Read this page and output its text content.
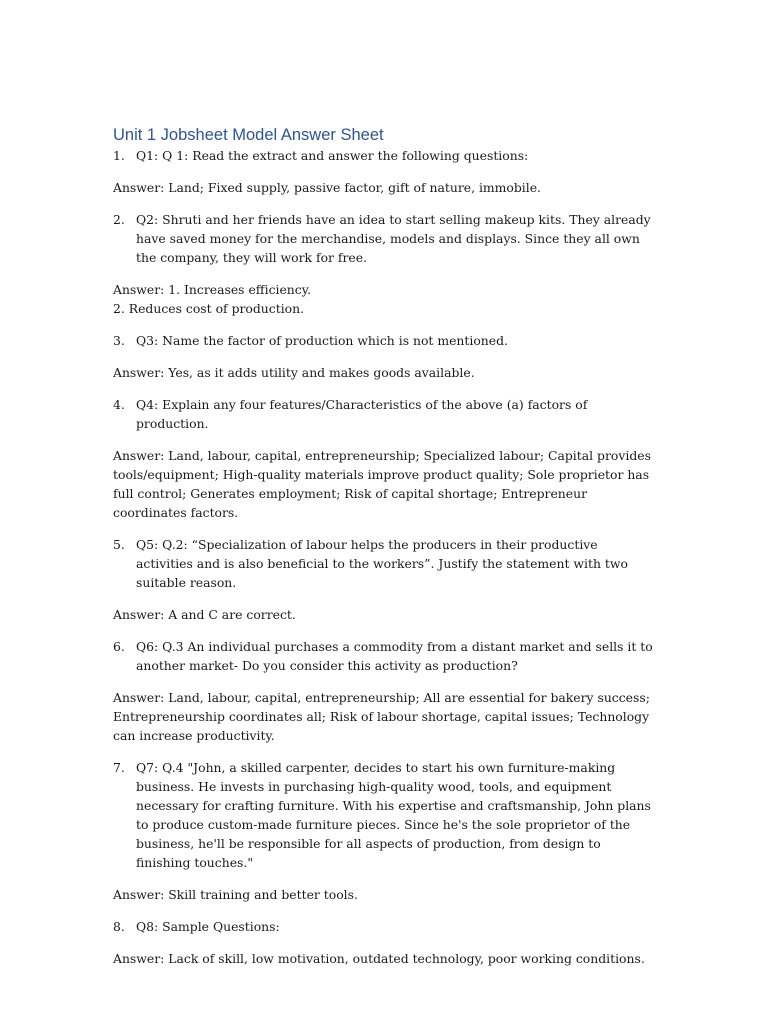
Unit 1 Jobsheet Model Answer Sheet
1. Q1: Q 1: Read the extract and answer the following questions:

Answer: Land; Fixed supply, passive factor, gift of nature, immobile.

2. Q2: Shruti and her friends have an idea to start selling makeup kits. They already have saved money for the merchandise, models and displays. Since they all own the company, they will work for free.

Answer: 1. Increases efficiency.
2. Reduces cost of production.

3. Q3: Name the factor of production which is not mentioned.

Answer: Yes, as it adds utility and makes goods available.

4. Q4: Explain any four features/Characteristics of the above (a) factors of production.

Answer: Land, labour, capital, entrepreneurship; Specialized labour; Capital provides tools/equipment; High-quality materials improve product quality; Sole proprietor has full control; Generates employment; Risk of capital shortage; Entrepreneur coordinates factors.

5. Q5: Q.2: “Specialization of labour helps the producers in their productive activities and is also beneficial to the workers”. Justify the statement with two suitable reason.

Answer: A and C are correct.

6. Q6: Q.3 An individual purchases a commodity from a distant market and sells it to another market- Do you consider this activity as production?

Answer: Land, labour, capital, entrepreneurship; All are essential for bakery success; Entrepreneurship coordinates all; Risk of labour shortage, capital issues; Technology can increase productivity.

7. Q7: Q.4 "John, a skilled carpenter, decides to start his own furniture-making business. He invests in purchasing high-quality wood, tools, and equipment necessary for crafting furniture. With his expertise and craftsmanship, John plans to produce custom-made furniture pieces. Since he's the sole proprietor of the business, he'll be responsible for all aspects of production, from design to finishing touches."

Answer: Skill training and better tools.

8. Q8: Sample Questions:

Answer: Lack of skill, low motivation, outdated technology, poor working conditions.
